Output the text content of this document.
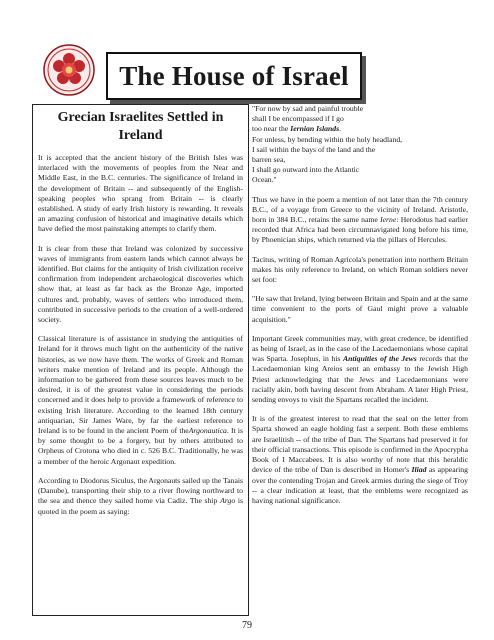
The House of Israel
Grecian Israelites Settled in Ireland

It is accepted that the ancient history of the British Isles was interlaced with the movements of peoples from the Near and Middle East, in the B.C. centuries. The significance of Ireland in the development of Britain -- and subsequently of the English-speaking peoples who sprang from Britain -- is clearly established. A study of early Irish history is rewarding. It reveals an amazing confusion of historical and imaginative details which have defied the most painstaking attempts to clarify them.

It is clear from these that Ireland was colonized by successive waves of immigrants from eastern lands which cannot always be identified. But claims for the antiquity of Irish civilization receive confirmation from independent archaeological discoveries which show that, at least as far back as the Bronze Age, imported cultures and, probably, waves of settlers who introduced them, contributed in successive periods to the creation of a well-ordered society.

Classical literature is of assistance in studying the antiquities of Ireland for it throws much light on the authenticity of the native histories, as we now have them. The works of Greek and Roman writers make mention of Ireland and its people. Although the information to be gathered from these sources leaves much to be desired, it is of the greatest value in considering the periods concerned and it does help to provide a framework of reference to existing Irish literature. According to the learned 18th century antiquarian, Sir James Ware, by far the earliest reference to Ireland is to be found in the ancient Poem of theArgonautica. It is by some thought to be a forgery, but by others attributed to Orpheus of Crotona who died in c. 526 B.C. Traditionally, he was a member of the heroic Argonaut expedition.

According to Diodorus Siculus, the Argonauts sailed up the Tanais (Danube), transporting their ship to a river flowing northward to the sea and thence they sailed home via Cadiz. The ship Argo is quoted in the poem as saying:

"For now by sad and painful trouble
shall I be encompassed if I go
too near the Iernian Islands.
For unless, by bending within the holy headland,
I sail within the bays of the land and the
barren sea,
I shall go outward into the Atlantic
Ocean."

Thus we have in the poem a mention of not later than the 7th century B.C., of a voyage from Greece to the vicinity of Ireland. Aristotle, born in 384 B.C., retains the same name Ierne: Herodotus had earlier recorded that Africa had been circumnavigated long before his time, by Phoenician ships, which returned via the pillars of Hercules.

Tacitus, writing of Roman Agricola's penetration into northern Britain makes his only reference to Ireland, on which Roman soldiers never set foot:

"He saw that Ireland, lying between Britain and Spain and at the same time convenient to the ports of Gaul might prove a valuable acquisition."

Important Greek communities may, with great credence, be identified as being of Israel, as in the case of the Lacedaemonians whose capital was Sparta. Josephus, in his Antiquities of the Jews records that the Lacedaemonian king Areios sent an embassy to the Jewish High Priest acknowledging that the Jews and Lacedaemonians were racially akin, both having descent from Abraham. A later High Priest, sending envoys to visit the Spartans recalled the incident.

It is of the greatest interest to read that the seal on the letter from Sparta showed an eagle holding fast a serpent. Both these emblems are Israelitish -- of the tribe of Dan. The Spartans had preserved it for their official transactions. This episode is confirmed in the Apocrypha Book of I Maccabees. It is also worthy of note that this heraldic device of the tribe of Dan is described in Homer's Iliad as appearing over the contending Trojan and Greek armies during the siege of Troy -- a clear indication at least, that the emblems were recognized as having national significance.

79
